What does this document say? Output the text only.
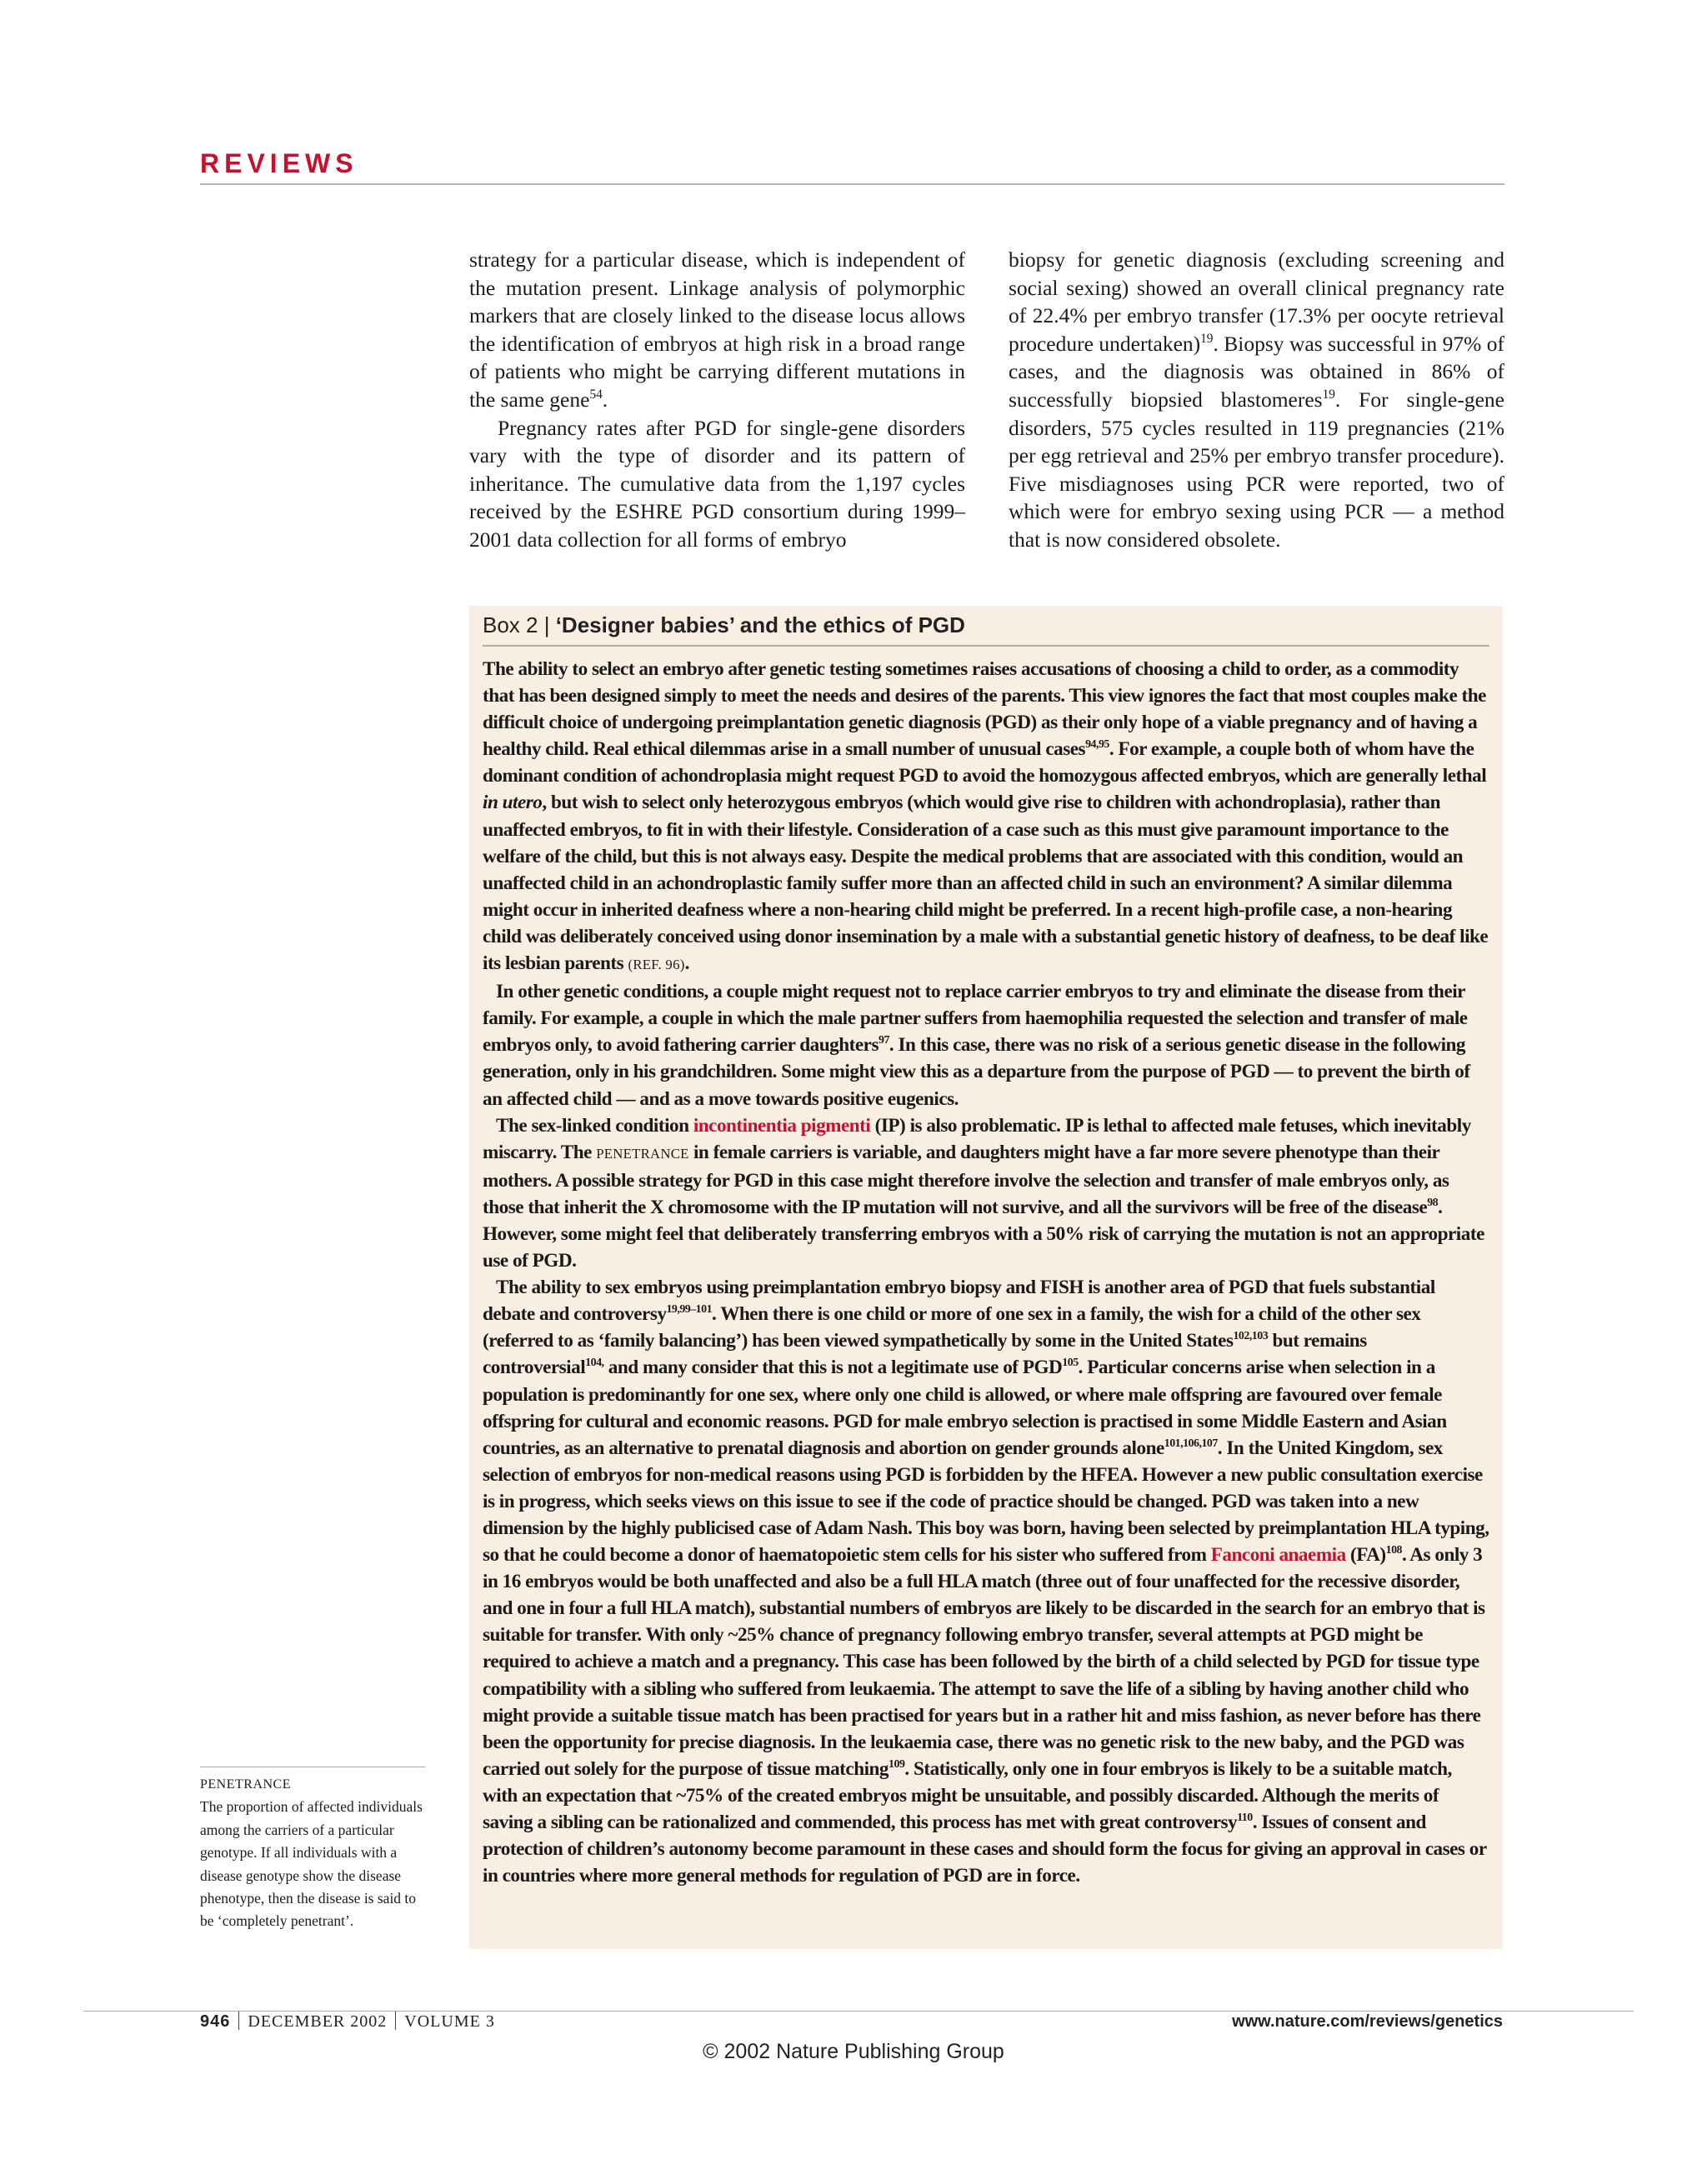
REVIEWS

strategy for a particular disease, which is independent of the mutation present. Linkage analysis of polymorphic markers that are closely linked to the disease locus allows the identification of embryos at high risk in a broad range of patients who might be carrying different mutations in the same gene$^{54}$.

Pregnancy rates after PGD for single-gene disorders vary with the type of disorder and its pattern of inheritance. The cumulative data from the 1,197 cycles received by the ESHRE PGD consortium during 1999–2001 data collection for all forms of embryo

biopsy for genetic diagnosis (excluding screening and social sexing) showed an overall clinical pregnancy rate of 22.4% per embryo transfer (17.3% per oocyte retrieval procedure undertaken)$^{19}$. Biopsy was successful in 97% of cases, and the diagnosis was obtained in 86% of successfully biopsied blastomeres$^{19}$. For single-gene disorders, 575 cycles resulted in 119 pregnancies (21% per egg retrieval and 25% per embryo transfer procedure). Five misdiagnoses using PCR were reported, two of which were for embryo sexing using PCR — a method that is now considered obsolete.

Box 2 | ‘Designer babies’ and the ethics of PGD

The ability to select an embryo after genetic testing sometimes raises accusations of choosing a child to order, as a commodity that has been designed simply to meet the needs and desires of the parents. This view ignores the fact that most couples make the difficult choice of undergoing preimplantation genetic diagnosis (PGD) as their only hope of a viable pregnancy and of having a healthy child. Real ethical dilemmas arise in a small number of unusual cases$^{94,95}$. For example, a couple both of whom have the dominant condition of achondroplasia might request PGD to avoid the homozygous affected embryos, which are generally lethal in utero, but wish to select only heterozygous embryos (which would give rise to children with achondroplasia), rather than unaffected embryos, to fit in with their lifestyle. Consideration of a case such as this must give paramount importance to the welfare of the child, but this is not always easy. Despite the medical problems that are associated with this condition, would an unaffected child in an achondroplastic family suffer more than an affected child in such an environment? A similar dilemma might occur in inherited deafness where a non-hearing child might be preferred. In a recent high-profile case, a non-hearing child was deliberately conceived using donor insemination by a male with a substantial genetic history of deafness, to be deaf like its lesbian parents (REF. 96).

In other genetic conditions, a couple might request not to replace carrier embryos to try and eliminate the disease from their family. For example, a couple in which the male partner suffers from haemophilia requested the selection and transfer of male embryos only, to avoid fathering carrier daughters$^{97}$. In this case, there was no risk of a serious genetic disease in the following generation, only in his grandchildren. Some might view this as a departure from the purpose of PGD — to prevent the birth of an affected child — and as a move towards positive eugenics.

The sex-linked condition incontinentia pigmenti (IP) is also problematic. IP is lethal to affected male fetuses, which inevitably miscarry. The PENETRANCE in female carriers is variable, and daughters might have a far more severe phenotype than their mothers. A possible strategy for PGD in this case might therefore involve the selection and transfer of male embryos only, as those that inherit the X chromosome with the IP mutation will not survive, and all the survivors will be free of the disease$^{98}$. However, some might feel that deliberately transferring embryos with a 50% risk of carrying the mutation is not an appropriate use of PGD.

The ability to sex embryos using preimplantation embryo biopsy and FISH is another area of PGD that fuels substantial debate and controversy$^{19,99-101}$. When there is one child or more of one sex in a family, the wish for a child of the other sex (referred to as ‘family balancing’) has been viewed sympathetically by some in the United States$^{102,103}$ but remains controversial$^{104,}$ and many consider that this is not a legitimate use of PGD$^{105}$. Particular concerns arise when selection in a population is predominantly for one sex, where only one child is allowed, or where male offspring are favoured over female offspring for cultural and economic reasons. PGD for male embryo selection is practised in some Middle Eastern and Asian countries, as an alternative to prenatal diagnosis and abortion on gender grounds alone$^{101,106,107}$. In the United Kingdom, sex selection of embryos for non-medical reasons using PGD is forbidden by the HFEA. However a new public consultation exercise is in progress, which seeks views on this issue to see if the code of practice should be changed. PGD was taken into a new dimension by the highly publicised case of Adam Nash. This boy was born, having been selected by preimplantation HLA typing, so that he could become a donor of haematopoietic stem cells for his sister who suffered from Fanconi anaemia (FA)$^{108}$. As only 3 in 16 embryos would be both unaffected and also be a full HLA match (three out of four unaffected for the recessive disorder, and one in four a full HLA match), substantial numbers of embryos are likely to be discarded in the search for an embryo that is suitable for transfer. With only ~25% chance of pregnancy following embryo transfer, several attempts at PGD might be required to achieve a match and a pregnancy. This case has been followed by the birth of a child selected by PGD for tissue type compatibility with a sibling who suffered from leukaemia. The attempt to save the life of a sibling by having another child who might provide a suitable tissue match has been practised for years but in a rather hit and miss fashion, as never before has there been the opportunity for precise diagnosis. In the leukaemia case, there was no genetic risk to the new baby, and the PGD was carried out solely for the purpose of tissue matching$^{109}$. Statistically, only one in four embryos is likely to be a suitable match, with an expectation that ~75% of the created embryos might be unsuitable, and possibly discarded. Although the merits of saving a sibling can be rationalized and commended, this process has met with great controversy$^{110}$. Issues of consent and protection of children’s autonomy become paramount in these cases and should form the focus for giving an approval in cases or in countries where more general methods for regulation of PGD are in force.

PENETRANCE
The proportion of affected individuals among the carriers of a particular genotype. If all individuals with a disease genotype show the disease phenotype, then the disease is said to be ‘completely penetrant’.
946 DECEMBER 2002 VOLUME 3	www.nature.com/reviews/genetics
© 2002 Nature Publishing Group
